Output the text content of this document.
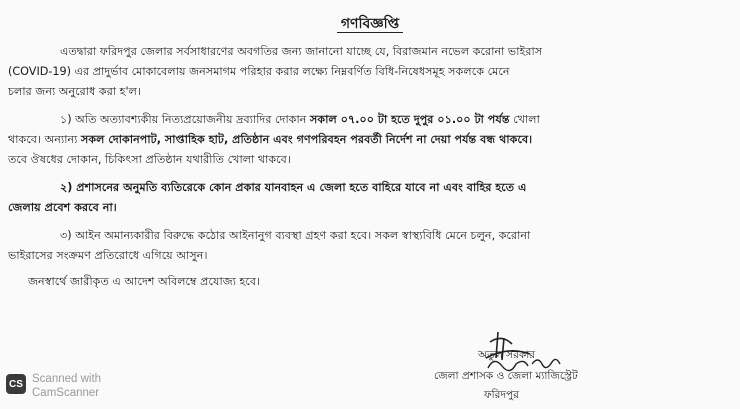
গণবিজ্ঞপ্তি
এতদ্বারা ফরিদপুর জেলার সর্বসাধারণের অবগতির জন্য জানানো যাচ্ছে যে, বিরাজমান নভেল করোনা ভাইরাস
(COVID-19) এর প্রাদুর্ভাব মোকাবেলায় জনসমাগম পরিহার করার লক্ষ্যে নিম্নবর্ণিত বিধি-নিষেধসমূহ সকলকে মেনে
চলার জন্য অনুরোধ করা হ'ল।
১) অতি অত্যাবশ্যকীয় নিত্যপ্রয়োজনীয় দ্রব্যাদির দোকান সকাল ০৭.০০ টা হতে দুপুর ০১.০০ টা পর্যন্ত খোলা
থাকবে। অন্যান্য সকল দোকানপাট, সাপ্তাহিক হাট, প্রতিষ্ঠান এবং গণপরিবহন পরবর্তী নির্দেশ না দেয়া পর্যন্ত বন্ধ থাকবে।
তবে ঔষধের দোকান, চিকিৎসা প্রতিষ্ঠান যথারীতি খোলা থাকবে।
২) প্রশাসনের অনুমতি ব্যতিরেকে কোন প্রকার যানবাহন এ জেলা হতে বাহিরে যাবে না এবং বাহির হতে এ
জেলায় প্রবেশ করবে না।
৩) আইন অমান্যকারীর বিরুদ্ধে কঠোর আইনানুগ ব্যবস্থা গ্রহণ করা হবে। সকল স্বাস্থ্যবিধি মেনে চলুন, করোনা
ভাইরাসের সংক্রমণ প্রতিরোধে এগিয়ে আসুন।
জনস্বার্থে জারীকৃত এ আদেশ অবিলম্বে প্রযোজ্য হবে।
অতুল সরকার
জেলা প্রশাসক ও জেলা ম্যাজিস্ট্রেট
ফরিদপুর
CS Scanned with
CamScanner
